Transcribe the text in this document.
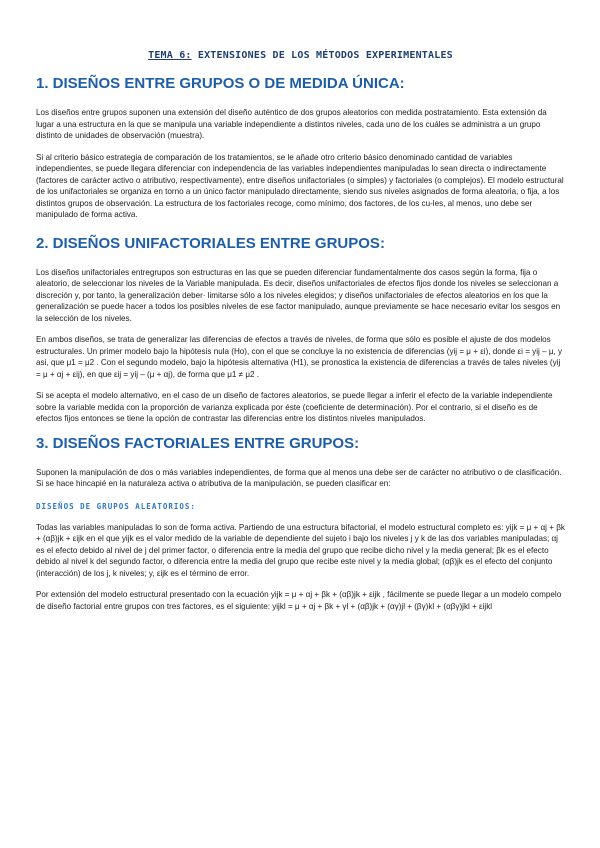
TEMA 6: EXTENSIONES DE LOS MÉTODOS EXPERIMENTALES
1. DISEÑOS ENTRE GRUPOS O DE MEDIDA ÚNICA:

Los diseños entre grupos suponen una extensión del diseño auténtico de dos grupos aleatorios con medida postratamiento. Esta extensión da lugar a una estructura en la que se manipula una variable independiente a distintos niveles, cada uno de los cuáles se administra a un grupo distinto de unidades de observación (muestra).

Si al criterio básico estrategia de comparación de los tratamientos, se le añade otro criterio básico denominado cantidad de variables independientes, se puede llegara diferenciar con independencia de las variables independientes manipuladas lo sean directa o indirectamente (factores de carácter activo o atributivo, respectivamente), entre diseños unifactoriales (o simples) y factoriales (o complejos). El modelo estructural de los unifactoriales se organiza en torno a un único factor manipulado directamente, siendo sus niveles asignados de forma aleatoria, o fija, a los distintos grupos de observación. La estructura de los factoriales recoge, como mínimo, dos factores, de los cu-les, al menos, uno debe ser manipulado de forma activa.

2. DISEÑOS UNIFACTORIALES ENTRE GRUPOS:

Los diseños unifactoriales entregrupos son estructuras en las que se pueden diferenciar fundamentalmente dos casos según la forma, fija o aleatorio, de seleccionar los niveles de la Variable manipulada. Es decir, diseños unifactoriales de efectos fijos donde los niveles se seleccionan a discreción y, por tanto, la generalización deber· limitarse sólo a los niveles elegidos; y diseños unifactoriales de efectos aleatorios en los que la generalización se puede hacer a todos los posibles niveles de ese factor manipulado, aunque previamente se hace necesario evitar los sesgos en la selección de los niveles.

En ambos diseños, se trata de generalizar las diferencias de efectos a través de niveles, de forma que sólo es posible el ajuste de dos modelos estructurales. Un primer modelo bajo la hipótesis nula (Ho), con el que se concluye la no existencia de diferencias (yij = μ + εi), donde εi = yij – μ, y asi, que μ1 = μ2 . Con el segundo modelo, bajo la hipótesis alternativa (H1), se pronostica la existencia de diferencias a través de tales niveles (yij = μ + αj + εij), en que εij = yij – (μ + αj), de forma que μ1 ≠ μ2 .

Si se acepta el modelo alternativo, en el caso de un diseño de factores aleatorios, se puede llegar a inferir el efecto de la variable independiente sobre la variable medida con la proporción de varianza explicada por éste (coeficiente de determinación). Por el contrario, si el diseño es de efectos fijos entonces se tiene la opción de contrastar las diferencias entre los distintos niveles manipulados.

3. DISEÑOS FACTORIALES ENTRE GRUPOS:

Suponen la manipulación de dos o más variables independientes, de forma que al menos una debe ser de carácter no atributivo o de clasificación. Si se hace hincapié en la naturaleza activa o atributiva de la manipulación, se pueden clasificar en:

DISEÑOS DE GRUPOS ALEATORIOS:

Todas las variables manipuladas lo son de forma activa. Partiendo de una estructura bifactorial, el modelo estructural completo es: yijk = μ + αj + βk + (αβ)jk + εijk en el que yijk es el valor medido de la variable de dependiente del sujeto i bajo los niveles j y k de las dos variables manipuladas; αj es el efecto debido al nivel de j del primer factor, o diferencia entre la media del grupo que recibe dicho nivel y la media general; βk es el efecto debido al nivel k del segundo factor, o diferencia entre la media del grupo que recibe este nivel y la media global; (αβ)jk es el efecto del conjunto (interacción) de los j, k niveles; y, εijk es el término de error.

Por extensión del modelo estructural presentado con la ecuación yijk = μ + αj + βk + (αβ)jk + εijk , fácilmente se puede llegar a un modelo compelo de diseño factorial entre grupos con tres factores, es el siguiente: yijkl = μ + αj + βk + γl + (αβ)jk + (αγ)jl + (βγ)kl + (αβγ)jkl + εijkl
